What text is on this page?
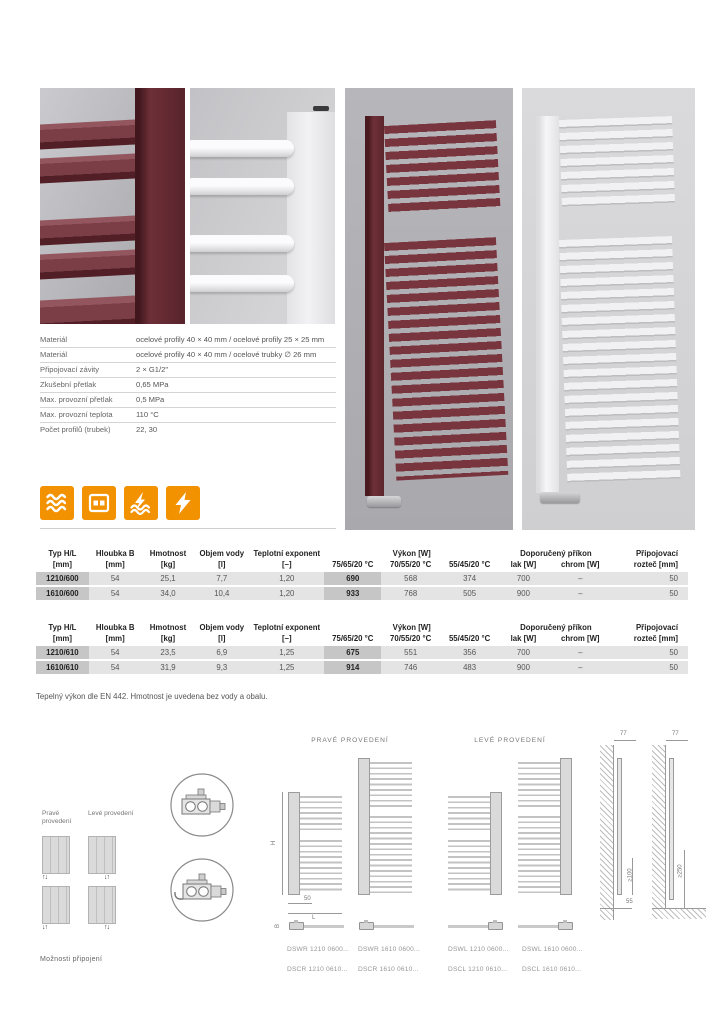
Materiál	ocelové profily 40 × 40 mm / ocelové profily 25 × 25 mm
Materiál	ocelové profily 40 × 40 mm / ocelové trubky ∅ 26 mm
Připojovací závity	2 × G1/2"
Zkušební přetlak	0,65 MPa
Max. provozní přetlak	0,5 MPa
Max. provozní teplota	110 °C
Počet profilů (trubek)	22, 30
Typ H/L	Hloubka B	Hmotnost	Objem vody	Teplotní exponent	Výkon [W]			Doporučený příkon		Připojovací
[mm]	[mm]	[kg]	[l]	[–]	75/65/20 °C	70/55/20 °C	55/45/20 °C	lak [W]	chrom [W]	rozteč [mm]
1210/600	54	25,1	7,7	1,20	690	568	374	700	–	50
1610/600	54	34,0	10,4	1,20	933	768	505	900	–	50
Typ H/L	Hloubka B	Hmotnost	Objem vody	Teplotní exponent	Výkon [W]			Doporučený příkon		Připojovací
[mm]	[mm]	[kg]	[l]	[–]	75/65/20 °C	70/55/20 °C	55/45/20 °C	lak [W]	chrom [W]	rozteč [mm]
1210/610	54	23,5	6,9	1,25	675	551	356	700	–	50
1610/610	54	31,9	9,3	1,25	914	746	483	900	–	50
Tepelný výkon dle EN 442. Hmotnost je uvedena bez vody a obalu.
PRAVÉ PROVEDENÍ	LEVÉ PROVEDENÍ
Pravé provedení
Levé provedení
↑↓	↓↑
↓↑	↑↓
Možnosti připojení
H
50
L
B
DSWR 1210 0600...
DSCR 1210 0610...
DSWR 1610 0600...
DSCR 1610 0610...
DSWL 1210 0600...
DSCL 1210 0610...
DSWL 1610 0600...
DSCL 1610 0610...
77
≥100
55
77
≥250
